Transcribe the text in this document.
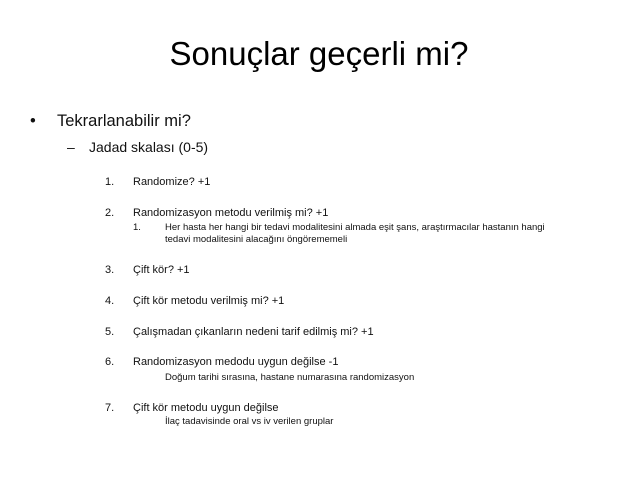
Sonuçlar geçerli mi?
• Tekrarlanabilir mi?
– Jadad skalası (0-5)
1. Randomize? +1
2. Randomizasyon metodu verilmiş mi? +1
1.	Her hasta her hangi bir tedavi modalitesini almada eşit şans, araştırmacılar hastanın hangi
tedavi modalitesini alacağını öngörememeli
3. Çift kör? +1
4. Çift kör metodu verilmiş mi? +1
5. Çalışmadan çıkanların nedeni tarif edilmiş mi? +1
6. Randomizasyon medodu uygun değilse -1
Doğum tarihi sırasına, hastane numarasına randomizasyon
7. Çift kör metodu uygun değilse
İlaç tadavisinde oral vs iv verilen gruplar
